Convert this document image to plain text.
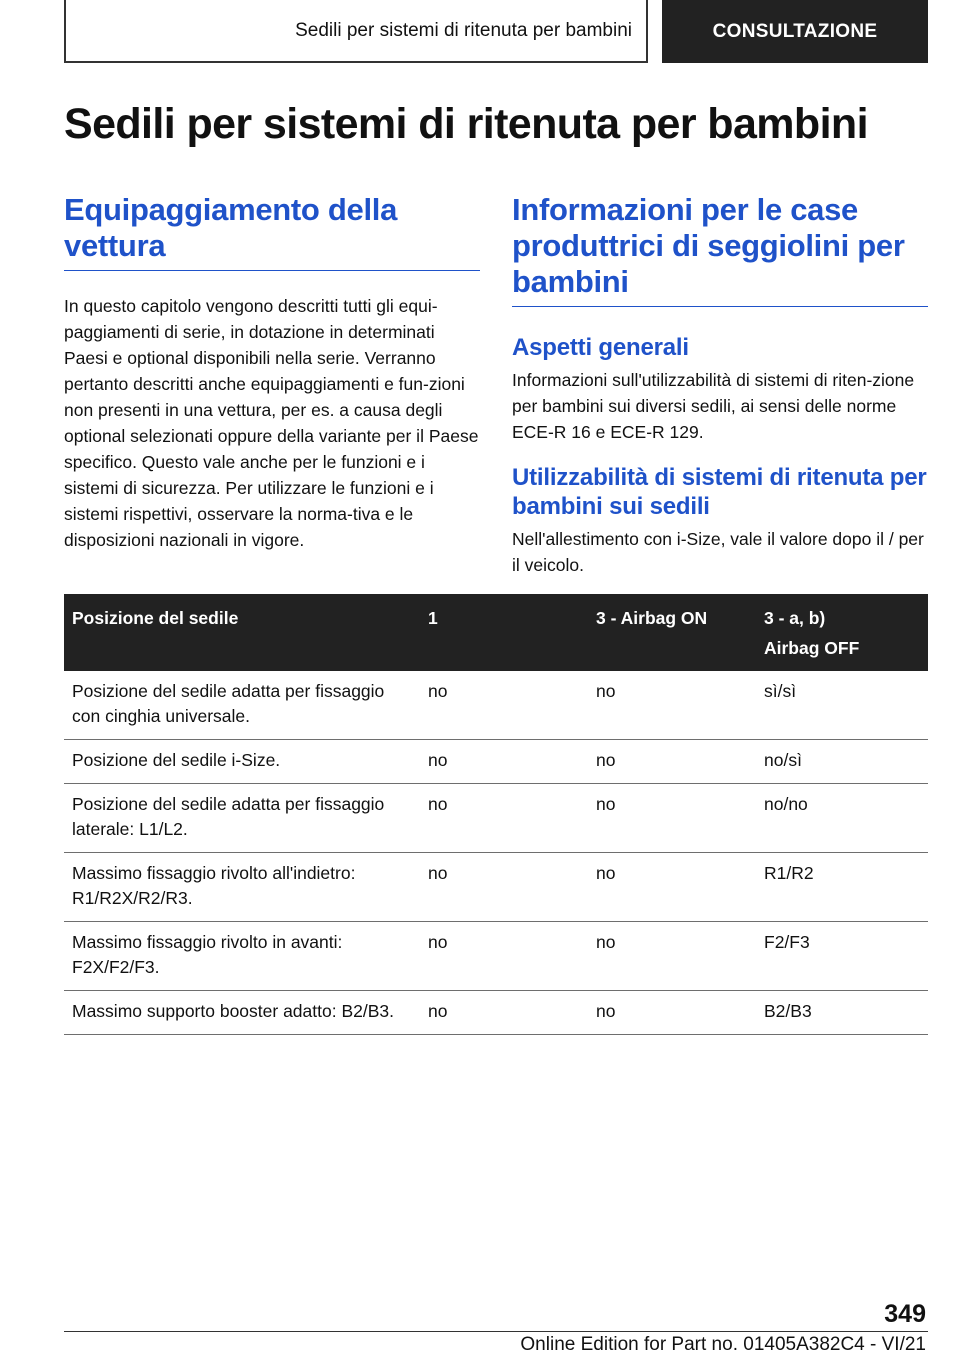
Sedili per sistemi di ritenuta per bambini	CONSULTAZIONE
Sedili per sistemi di ritenuta per bambini
Equipaggiamento della vettura

In questo capitolo vengono descritti tutti gli equi-paggiamenti di serie, in dotazione in determinati Paesi e optional disponibili nella serie. Verranno pertanto descritti anche equipaggiamenti e fun-zioni non presenti in una vettura, per es. a causa degli optional selezionati oppure della variante per il Paese specifico. Questo vale anche per le funzioni e i sistemi di sicurezza. Per utilizzare le funzioni e i sistemi rispettivi, osservare la norma-tiva e le disposizioni nazionali in vigore.

Informazioni per le case produttrici di seggiolini per bambini
Aspetti generali

Informazioni sull'utilizzabilità di sistemi di riten-zione per bambini sui diversi sedili, ai sensi delle norme ECE-R 16 e ECE-R 129.

Utilizzabilità di sistemi di ritenuta per bambini sui sedili

Nell'allestimento con i-Size, vale il valore dopo il / per il veicolo.

Posizione del sedile	1	3 - Airbag ON	3 - a, b)
Airbag OFF

Posizione del sedile adatta per fissaggio con cinghia universale.	no	no	sì/sì
Posizione del sedile i-Size.	no	no	no/sì
Posizione del sedile adatta per fissaggio laterale: L1/L2.	no	no	no/no
Massimo fissaggio rivolto all'indietro: R1/R2X/R2/R3.	no	no	R1/R2
Massimo fissaggio rivolto in avanti: F2X/F2/F3.	no	no	F2/F3
Massimo supporto booster adatto: B2/B3.	no	no	B2/B3
349
Online Edition for Part no. 01405A382C4 - VI/21
